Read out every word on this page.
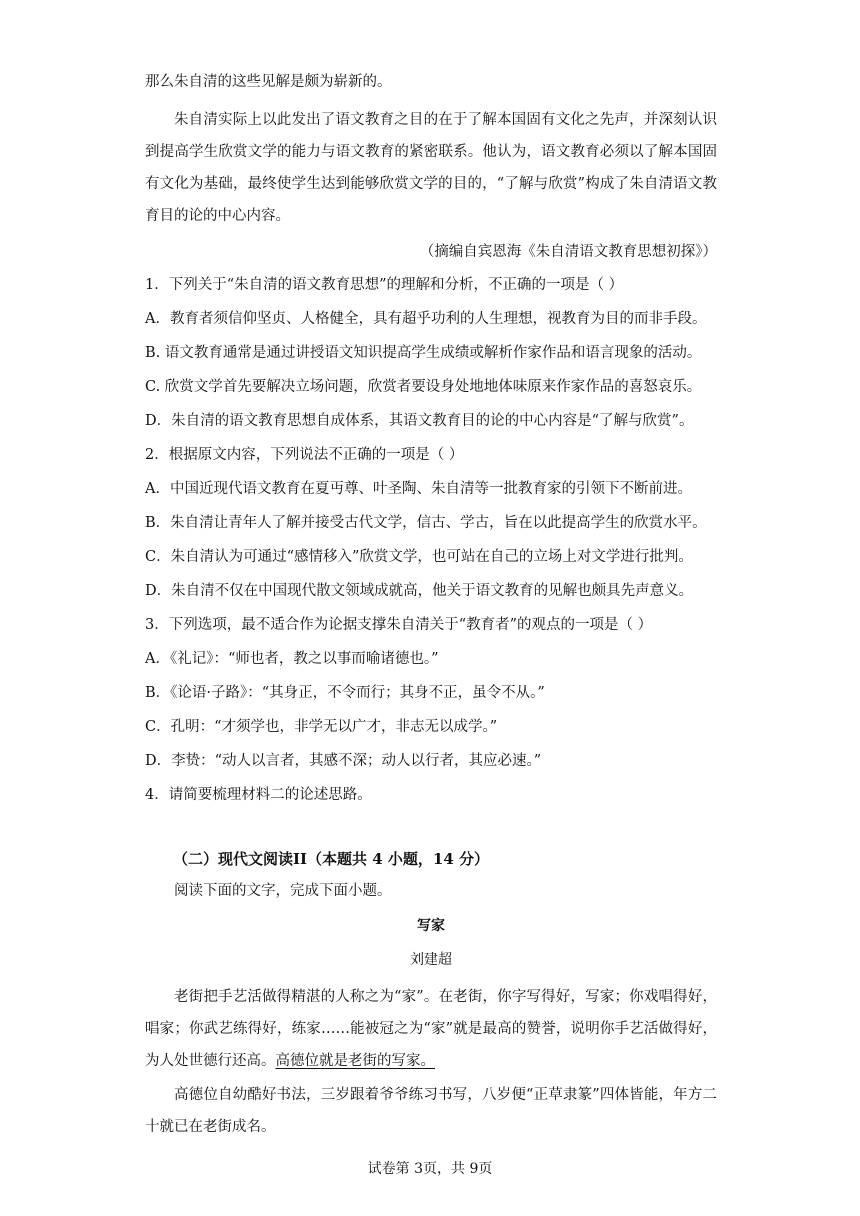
那么朱自清的这些见解是颇为崭新的。

朱自清实际上以此发出了语文教育之目的在于了解本国固有文化之先声，并深刻认识到提高学生欣赏文学的能力与语文教育的紧密联系。他认为，语文教育必须以了解本国固有文化为基础，最终使学生达到能够欣赏文学的目的，“了解与欣赏”构成了朱自清语文教育目的论的中心内容。

（摘编自宾恩海《朱自清语文教育思想初探》）

1．下列关于“朱自清的语文教育思想”的理解和分析，不正确的一项是（ ）

A．教育者须信仰坚贞、人格健全，具有超乎功利的人生理想，视教育为目的而非手段。

B. 语文教育通常是通过讲授语文知识提高学生成绩或解析作家作品和语言现象的活动。

C. 欣赏文学首先要解决立场问题，欣赏者要设身处地地体味原来作家作品的喜怒哀乐。

D．朱自清的语文教育思想自成体系，其语文教育目的论的中心内容是“了解与欣赏”。

2．根据原文内容，下列说法不正确的一项是（ ）

A．中国近现代语文教育在夏丏尊、叶圣陶、朱自清等一批教育家的引领下不断前进。

B．朱自清让青年人了解并接受古代文学，信古、学古，旨在以此提高学生的欣赏水平。

C．朱自清认为可通过“感情移入”欣赏文学，也可站在自己的立场上对文学进行批判。

D．朱自清不仅在中国现代散文领域成就高，他关于语文教育的见解也颇具先声意义。

3．下列选项，最不适合作为论据支撑朱自清关于“教育者”的观点的一项是（ ）

A．《礼记》：“师也者，教之以事而喻诸德也。”

B．《论语·子路》：“其身正，不令而行；其身不正，虽令不从。”

C．孔明：“才须学也，非学无以广才，非志无以成学。”

D．李贽：“动人以言者，其感不深；动人以行者，其应必速。”

4．请简要梳理材料二的论述思路。

（二）现代文阅读II（本题共 4 小题，14 分）

阅读下面的文字，完成下面小题。

写家

刘建超

老街把手艺活做得精湛的人称之为“家”。在老街，你字写得好，写家；你戏唱得好，唱家；你武艺练得好，练家……能被冠之为“家”就是最高的赞誉，说明你手艺活做得好，为人处世德行还高。高德位就是老街的写家。

高德位自幼酷好书法，三岁跟着爷爷练习书写，八岁便“正草隶篆”四体皆能，年方二十就已在老街成名。

试卷第 3页，共 9页
